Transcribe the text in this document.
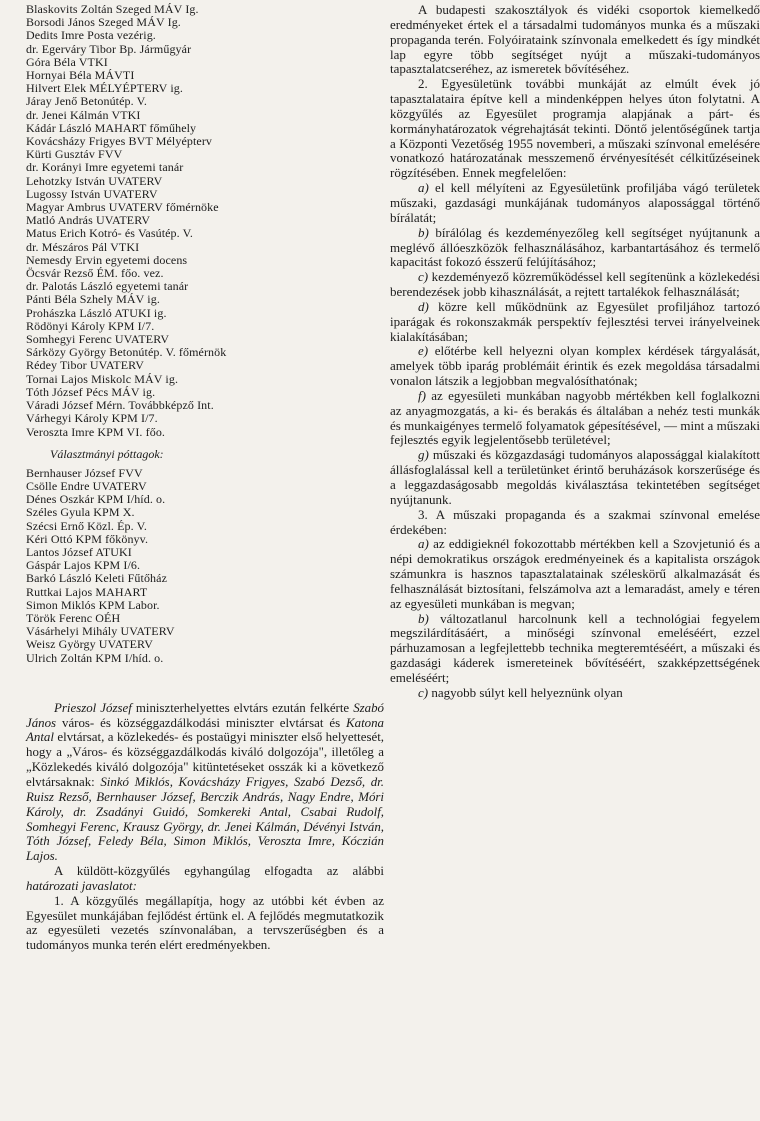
Blaskovits Zoltán Szeged MÁV Ig.
Borsodi János Szeged MÁV Ig.
Dedits Imre Posta vezérig.
dr. Egerváry Tibor Bp. Járműgyár
Góra Béla VTKI
Hornyai Béla MÁVTI
Hilvert Elek MÉLYÉPTERV ig.
Járay Jenő Betonútép. V.
dr. Jenei Kálmán VTKI
Kádár László MAHART főműhely
Kovácsházy Frigyes BVT Mélyépterv
Kürti Gusztáv FVV
dr. Korányi Imre egyetemi tanár
Lehotzky István UVATERV
Lugossy István UVATERV
Magyar Ambrus UVATERV főmérnöke
Matló András UVATERV
Matus Erich Kotró- és Vasútép. V.
dr. Mészáros Pál VTKI
Nemesdy Ervin egyetemi docens
Öcsvár Rezső ÉM. főo. vez.
dr. Palotás László egyetemi tanár
Pánti Béla Szhely MÁV ig.
Prohászka László ATUKI ig.
Rödönyi Károly KPM I/7.
Somhegyi Ferenc UVATERV
Sárközy György Betonútép. V. főmérnök
Rédey Tibor UVATERV
Tornai Lajos Miskolc MÁV ig.
Tóth József Pécs MÁV ig.
Váradi József Mérn. Továbbképző Int.
Várhegyi Károly KPM I/7.
Veroszta Imre KPM VI. főo.
Választmányi póttagok:
Bernhauser József FVV
Csölle Endre UVATERV
Dénes Oszkár KPM I/híd. o.
Széles Gyula KPM X.
Szécsi Ernő Közl. Ép. V.
Kéri Ottó KPM főkönyv.
Lantos József ATUKI
Gáspár Lajos KPM I/6.
Barkó László Keleti Fűtőház
Ruttkai Lajos MAHART
Simon Miklós KPM Labor.
Török Ferenc OÉH
Vásárhelyi Mihály UVATERV
Weisz György UVATERV
Ulrich Zoltán KPM I/híd. o.

Prieszol József miniszterhelyettes elvtárs ezután felkérte Szabó János város- és községgazdálkodási miniszter elvtársat és Katona Antal elvtársat, a közlekedés- és postaügyi miniszter első helyettesét, hogy a „Város- és községgazdálkodás kiváló dolgozója", illetőleg a „Közlekedés kiváló dolgozója" kitüntetéseket osszák ki a következő elvtársaknak: Sinkó Miklós, Kovácsházy Frigyes, Szabó Dezső, dr. Ruisz Rezső, Bernhauser József, Berczik András, Nagy Endre, Móri Károly, dr. Zsadányi Guidó, Somkereki Antal, Csabai Rudolf, Somhegyi Ferenc, Krausz György, dr. Jenei Kálmán, Dévényi István, Tóth József, Feledy Béla, Simon Miklós, Veroszta Imre, Kóczián Lajos.

A küldött-közgyűlés egyhangúlag elfogadta az alábbi határozati javaslatot:

1. A közgyűlés megállapítja, hogy az utóbbi két évben az Egyesület munkájában fejlődést értünk el. A fejlődés megmutatkozik az egyesületi vezetés színvonalában, a tervszerűségben és a tudományos munka terén elért eredményekben.

A budapesti szakosztályok és vidéki csoportok kiemelkedő eredményeket értek el a társadalmi tudományos munka és a műszaki propaganda terén. Folyóirataink színvonala emelkedett és így mindkét lap egyre több segítséget nyújt a műszaki-tudományos tapasztalatcseréhez, az ismeretek bővítéséhez.

2. Egyesületünk további munkáját az elmúlt évek jó tapasztalataira építve kell a mindenképpen helyes úton folytatni. A közgyűlés az Egyesület programja alapjának a párt- és kormányhatározatok végrehajtását tekinti. Döntő jelentőségűnek tartja a Központi Vezetőség 1955 novemberi, a műszaki színvonal emelésére vonatkozó határozatának messzemenő érvényesítését célkitűzéseinek rögzítésében. Ennek megfelelően:

a) el kell mélyíteni az Egyesületünk profiljába vágó területek műszaki, gazdasági munkájának tudományos alapossággal történő bírálatát;

b) bírálólag és kezdeményezőleg kell segítséget nyújtanunk a meglévő állóeszközök felhasználásához, karbantartásához és termelő kapacitást fokozó ésszerű felújításához;

c) kezdeményező közreműködéssel kell segítenünk a közlekedési berendezések jobb kihasználását, a rejtett tartalékok felhasználását;

d) közre kell működnünk az Egyesület profiljához tartozó iparágak és rokonszakmák perspektív fejlesztési tervei irányelveinek kialakításában;

e) előtérbe kell helyezni olyan komplex kérdések tárgyalását, amelyek több iparág problémáit érintik és ezek megoldása társadalmi vonalon látszik a legjobban megvalósíthatónak;

f) az egyesületi munkában nagyobb mértékben kell foglalkozni az anyagmozgatás, a ki- és berakás és általában a nehéz testi munkák és munkaigényes termelő folyamatok gépesítésével, — mint a műszaki fejlesztés egyik legjelentősebb területével;

g) műszaki és közgazdasági tudományos alapossággal kialakított állásfoglalással kell a területünket érintő beruházások korszerűsége és a leggazdaságosabb megoldás kiválasztása tekintetében segítséget nyújtanunk.

3. A műszaki propaganda és a szakmai színvonal emelése érdekében:

a) az eddigieknél fokozottabb mértékben kell a Szovjetunió és a népi demokratikus országok eredményeinek és a kapitalista országok számunkra is hasznos tapasztalatainak széleskörű alkalmazását és felhasználását biztosítani, felszámolva azt a lemaradást, amely e téren az egyesületi munkában is megvan;

b) változatlanul harcolnunk kell a technológiai fegyelem megszilárdításáért, a minőségi színvonal emeléséért, ezzel párhuzamosan a legfejlettebb technika megteremtéséért, a műszaki és gazdasági káderek ismereteinek bővítéséért, szakképzettségének emeléséért;

c) nagyobb súlyt kell helyeznünk olyan
